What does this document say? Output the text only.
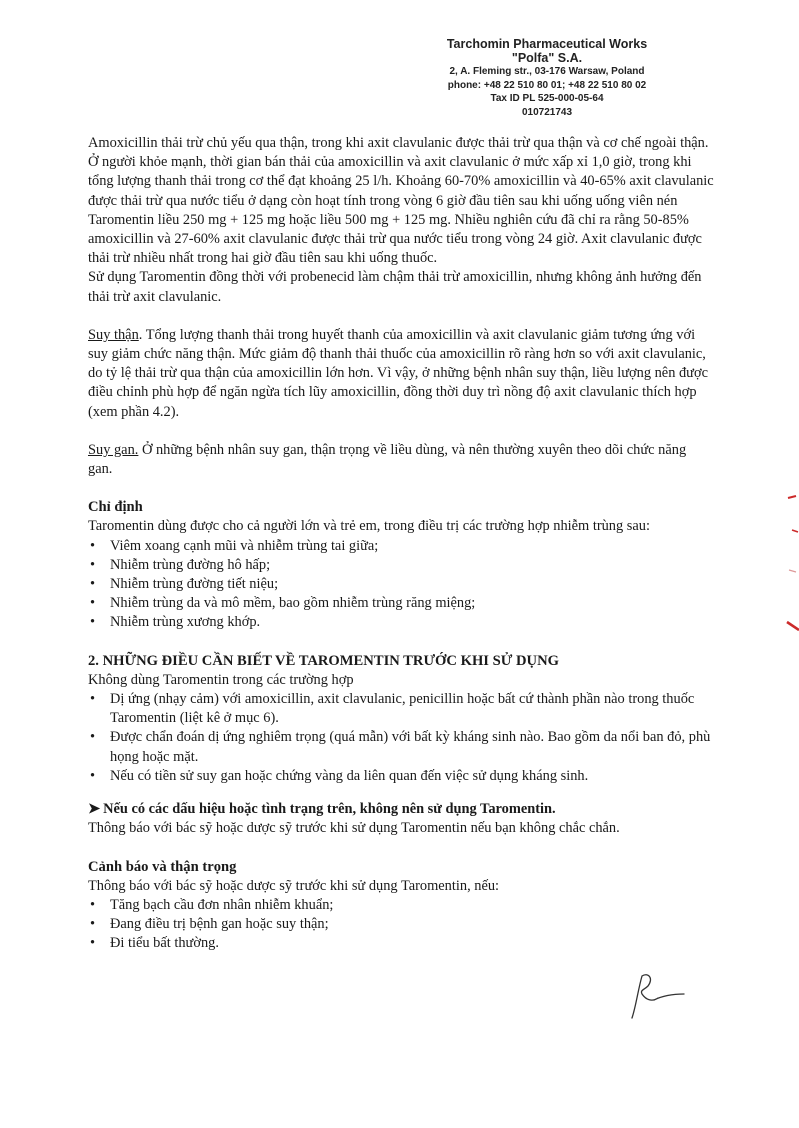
Tarchomin Pharmaceutical Works
"Polfa" S.A.
2, A. Fleming str., 03-176 Warsaw, Poland
phone: +48 22 510 80 01; +48 22 510 80 02
Tax ID PL 525-000-05-64
010721743

Amoxicillin thải trừ chủ yếu qua thận, trong khi axit clavulanic được thải trừ qua thận và cơ chế ngoài thận.

Ở người khỏe mạnh, thời gian bán thải của amoxicillin và axit clavulanic ở mức xấp xỉ 1,0 giờ, trong khi tổng lượng thanh thải trong cơ thể đạt khoảng 25 l/h. Khoảng 60-70% amoxicillin và 40-65% axit clavulanic được thải trừ qua nước tiểu ở dạng còn hoạt tính trong vòng 6 giờ đầu tiên sau khi uống uống viên nén Taromentin liều 250 mg + 125 mg hoặc liều 500 mg + 125 mg. Nhiều nghiên cứu đã chỉ ra rằng 50-85% amoxicillin và 27-60% axit clavulanic được thải trừ qua nước tiểu trong vòng 24 giờ. Axit clavulanic được thải trừ nhiều nhất trong hai giờ đầu tiên sau khi uống thuốc.

Sử dụng Taromentin đồng thời với probenecid làm chậm thải trừ amoxicillin, nhưng không ảnh hưởng đến thải trừ axit clavulanic.

Suy thận. Tổng lượng thanh thải trong huyết thanh của amoxicillin và axit clavulanic giảm tương ứng với suy giảm chức năng thận. Mức giảm độ thanh thải thuốc của amoxicillin rõ ràng hơn so với axit clavulanic, do tỷ lệ thải trừ qua thận của amoxicillin lớn hơn. Vì vậy, ở những bệnh nhân suy thận, liều lượng nên được điều chỉnh phù hợp để ngăn ngừa tích lũy amoxicillin, đồng thời duy trì nồng độ axit clavulanic thích hợp (xem phần 4.2).

Suy gan. Ở những bệnh nhân suy gan, thận trọng về liều dùng, và nên thường xuyên theo dõi chức năng gan.

Chỉ định

Taromentin dùng được cho cả người lớn và trẻ em, trong điều trị các trường hợp nhiễm trùng sau:

• Viêm xoang cạnh mũi và nhiễm trùng tai giữa;
• Nhiễm trùng đường hô hấp;
• Nhiễm trùng đường tiết niệu;
• Nhiễm trùng da và mô mềm, bao gồm nhiễm trùng răng miệng;
• Nhiễm trùng xương khớp.
2. NHỮNG ĐIỀU CẦN BIẾT VỀ TAROMENTIN TRƯỚC KHI SỬ DỤNG

Không dùng Taromentin trong các trường hợp

• Dị ứng (nhạy cảm) với amoxicillin, axit clavulanic, penicillin hoặc bất cứ thành phần nào trong thuốc Taromentin (liệt kê ở mục 6).
• Được chẩn đoán dị ứng nghiêm trọng (quá mẫn) với bất kỳ kháng sinh nào. Bao gồm da nổi ban đỏ, phù họng hoặc mặt.
• Nếu có tiền sử suy gan hoặc chứng vàng da liên quan đến việc sử dụng kháng sinh.

➤ Nếu có các dấu hiệu hoặc tình trạng trên, không nên sử dụng Taromentin.

Thông báo với bác sỹ hoặc dược sỹ trước khi sử dụng Taromentin nếu bạn không chắc chắn.

Cảnh báo và thận trọng

Thông báo với bác sỹ hoặc dược sỹ trước khi sử dụng Taromentin, nếu:

• Tăng bạch cầu đơn nhân nhiễm khuẩn;
• Đang điều trị bệnh gan hoặc suy thận;
• Đi tiểu bất thường.
